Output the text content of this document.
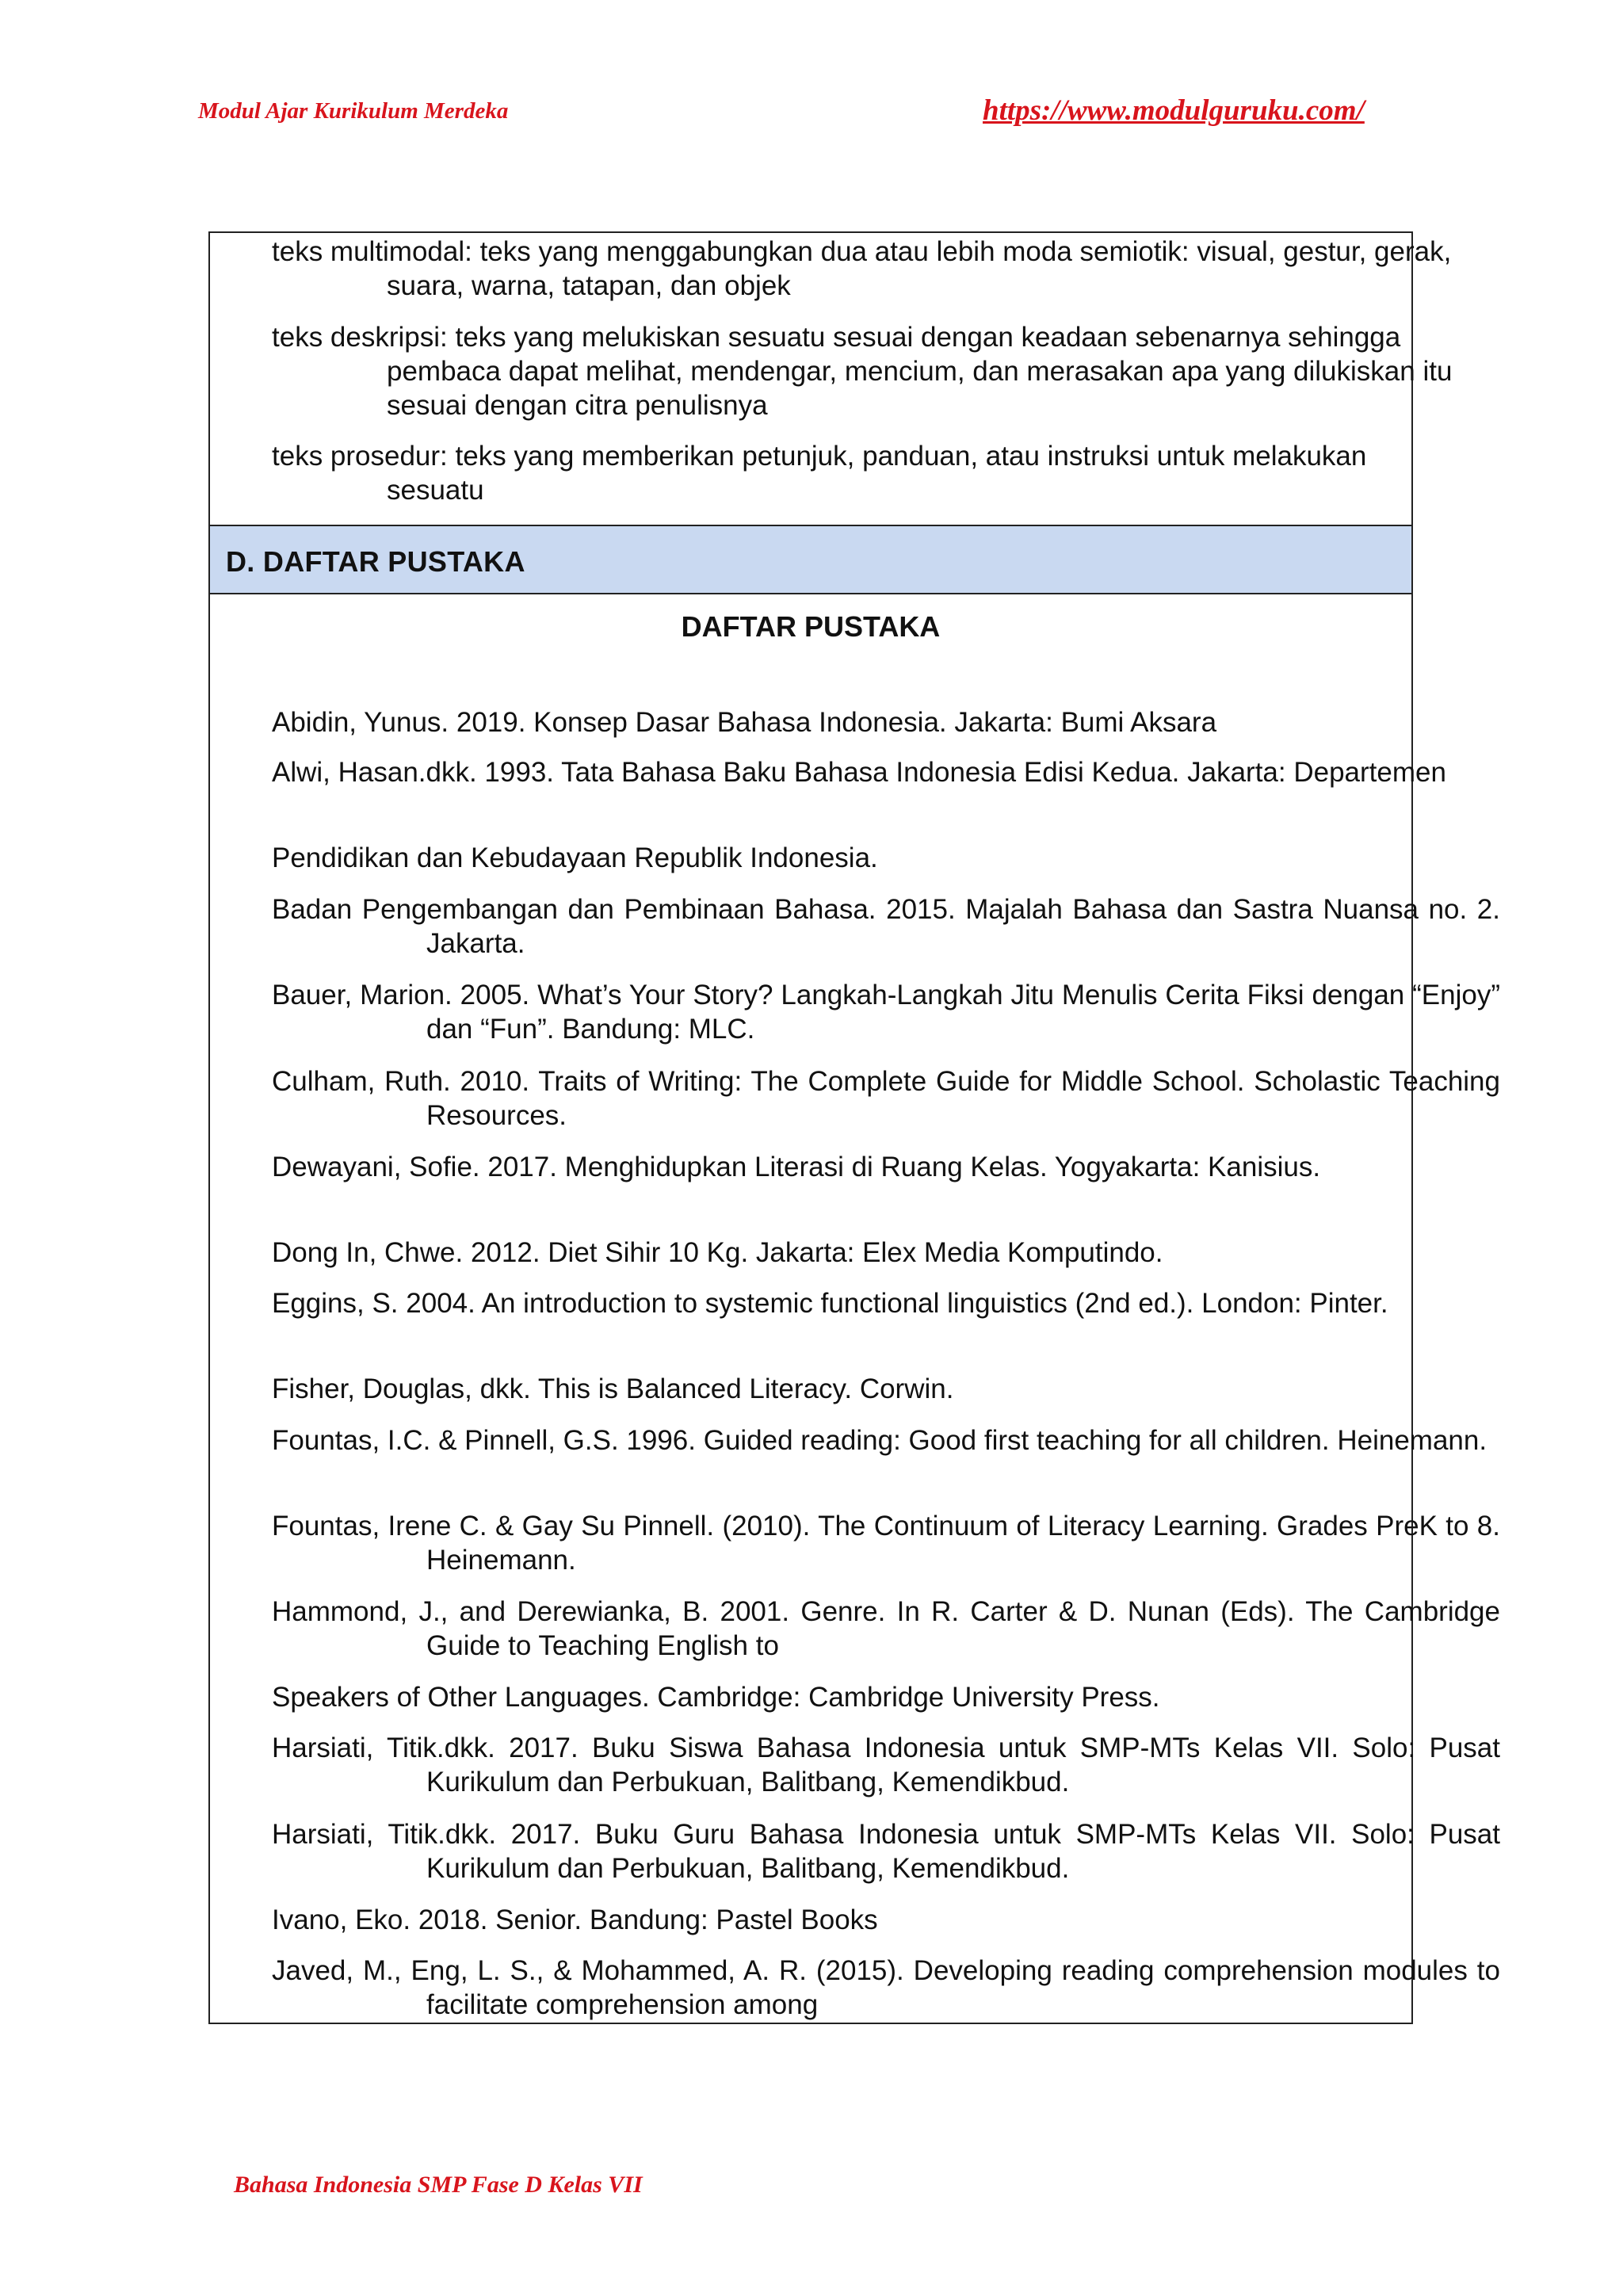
Modul Ajar Kurikulum Merdeka	https://www.modulguruku.com/
teks multimodal: teks yang menggabungkan dua atau lebih moda semiotik: visual, gestur, gerak, suara, warna, tatapan, dan objek
teks deskripsi: teks yang melukiskan sesuatu sesuai dengan keadaan sebenarnya sehingga pembaca dapat melihat, mendengar, mencium, dan merasakan apa yang dilukiskan itu sesuai dengan citra penulisnya
teks prosedur: teks yang memberikan petunjuk, panduan, atau instruksi untuk melakukan sesuatu
D. DAFTAR PUSTAKA
DAFTAR PUSTAKA
Abidin, Yunus. 2019. Konsep Dasar Bahasa Indonesia. Jakarta: Bumi Aksara
Alwi, Hasan.dkk. 1993. Tata Bahasa Baku Bahasa Indonesia Edisi Kedua. Jakarta: Departemen
Pendidikan dan Kebudayaan Republik Indonesia.
Badan Pengembangan dan Pembinaan Bahasa. 2015. Majalah Bahasa dan Sastra Nuansa no. 2. Jakarta.
Bauer, Marion. 2005. What’s Your Story? Langkah-Langkah Jitu Menulis Cerita Fiksi dengan “Enjoy” dan “Fun”. Bandung: MLC.
Culham, Ruth. 2010. Traits of Writing: The Complete Guide for Middle School. Scholastic Teaching Resources.
Dewayani, Sofie. 2017. Menghidupkan Literasi di Ruang Kelas. Yogyakarta: Kanisius.
Dong In, Chwe. 2012. Diet Sihir 10 Kg. Jakarta: Elex Media Komputindo.
Eggins, S. 2004. An introduction to systemic functional linguistics (2nd ed.). London: Pinter.
Fisher, Douglas, dkk. This is Balanced Literacy. Corwin.
Fountas, I.C. & Pinnell, G.S. 1996. Guided reading: Good first teaching for all children. Heinemann.
Fountas, Irene C. & Gay Su Pinnell. (2010). The Continuum of Literacy Learning. Grades PreK to 8. Heinemann.
Hammond, J., and Derewianka, B. 2001. Genre. In R. Carter & D. Nunan (Eds). The Cambridge Guide to Teaching English to
Speakers of Other Languages. Cambridge: Cambridge University Press.
Harsiati, Titik.dkk. 2017. Buku Siswa Bahasa Indonesia untuk SMP-MTs Kelas VII. Solo: Pusat Kurikulum dan Perbukuan, Balitbang, Kemendikbud.
Harsiati, Titik.dkk. 2017. Buku Guru Bahasa Indonesia untuk SMP-MTs Kelas VII. Solo: Pusat Kurikulum dan Perbukuan, Balitbang, Kemendikbud.
Ivano, Eko. 2018. Senior. Bandung: Pastel Books
Javed, M., Eng, L. S., & Mohammed, A. R. (2015). Developing reading comprehension modules to facilitate comprehension among
Bahasa Indonesia SMP Fase D Kelas VII
